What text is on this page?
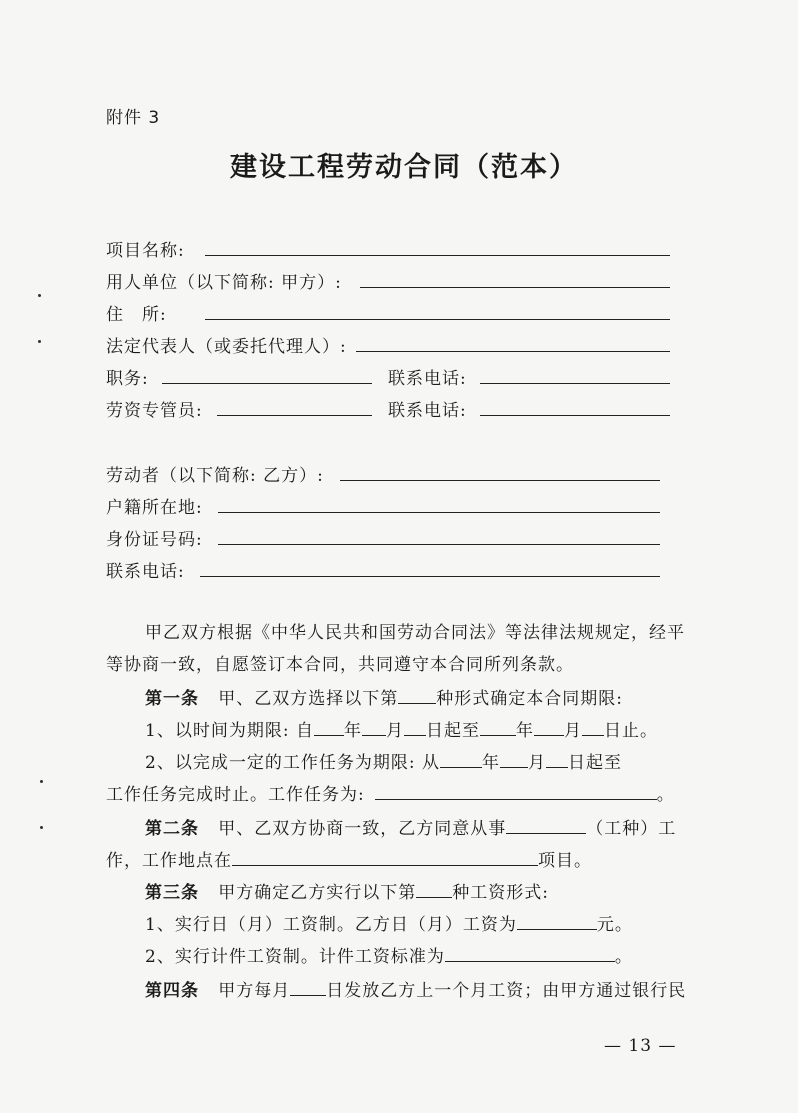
附件 3
建设工程劳动合同（范本）
项目名称:
用人单位（以下简称: 甲方）:
住　所:
法定代表人（或委托代理人）:
职务:	联系电话:
劳资专管员:	联系电话:
劳动者（以下简称: 乙方）:
户籍所在地:
身份证号码:
联系电话:
甲乙双方根据《中华人民共和国劳动合同法》等法律法规规定，经平
等协商一致，自愿签订本合同，共同遵守本合同所列条款。
第一条 甲、乙双方选择以下第 种形式确定本合同期限:
1、以时间为期限: 自 年 月 日起至 年 月 日止。
2、以完成一定的工作任务为期限: 从 年 月 日起至
工作任务完成时止。工作任务为:	。
第二条 甲、乙双方协商一致，乙方同意从事	（工种）工
作，工作地点在	项目。
第三条 甲方确定乙方实行以下第 种工资形式:
1、实行日（月）工资制。乙方日（月）工资为	元。
2、实行计件工资制。计件工资标准为	。
第四条 甲方每月 日发放乙方上一个月工资；由甲方通过银行民
— 13 —
